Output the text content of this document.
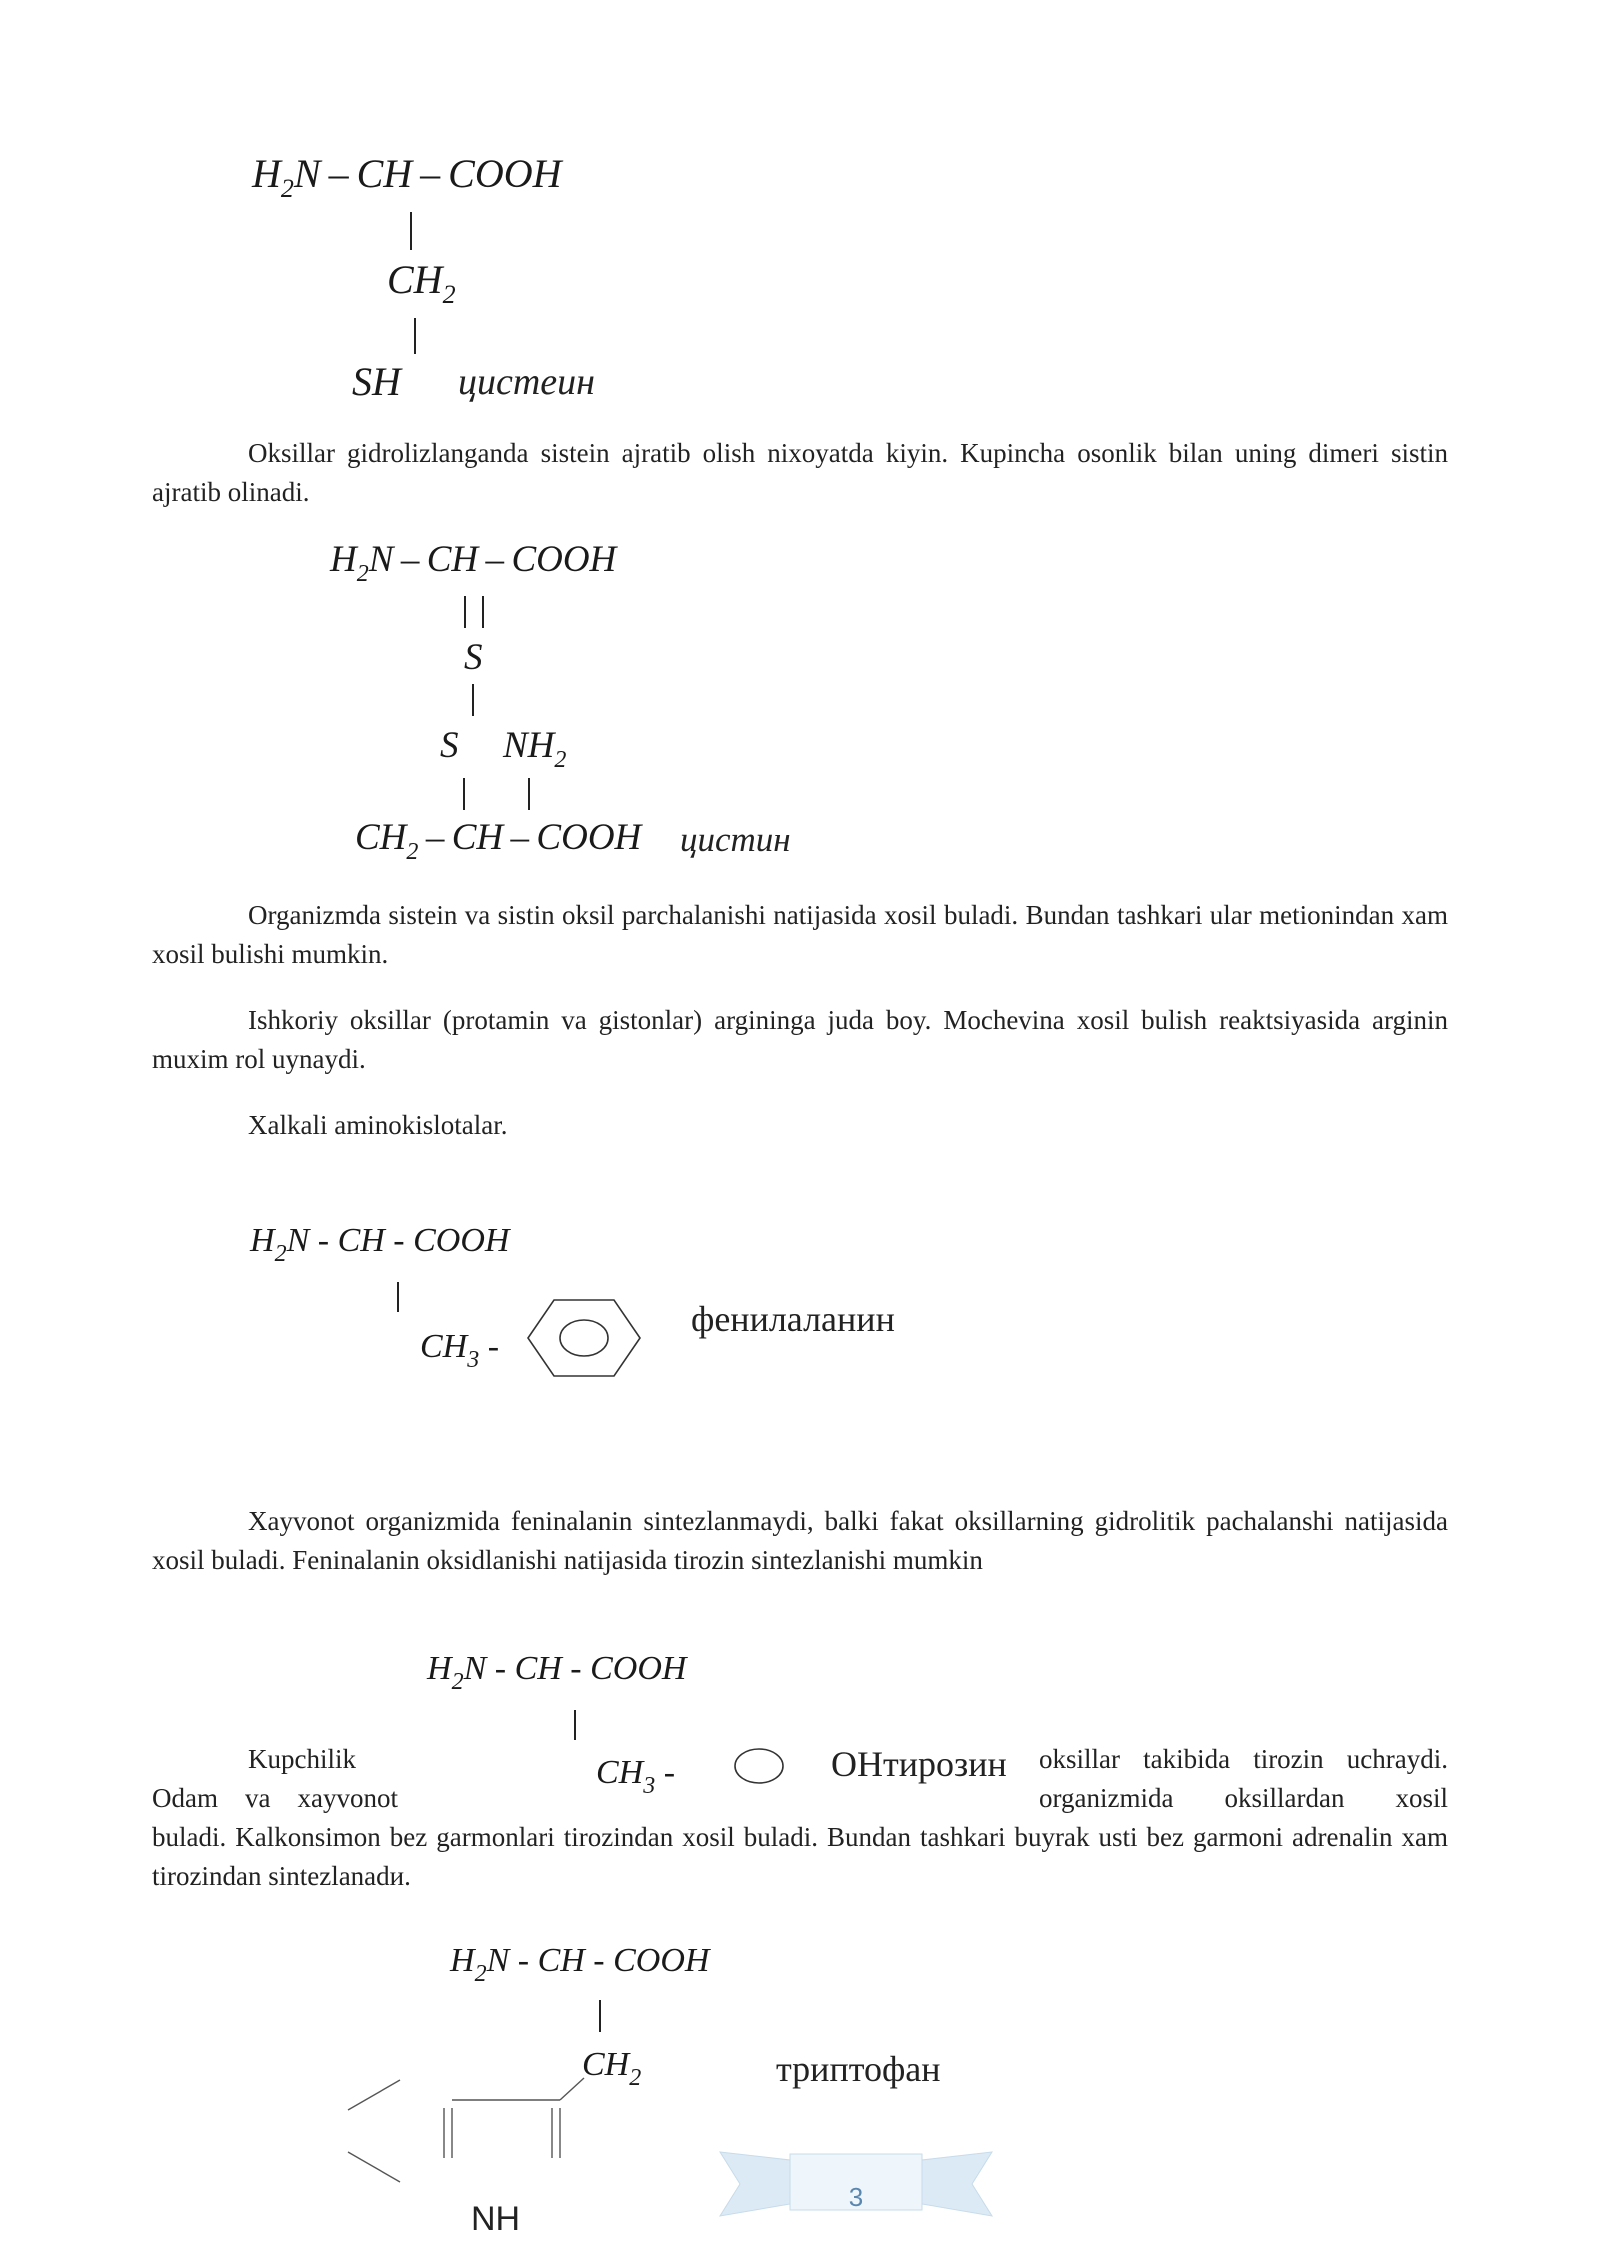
$H_2N$ – CH – COOH
$CH_2$
SH цистеин
Oksillar gidrolizlanganda sistein ajratib olish nixoyatda kiyin. Kupincha osonlik bilan uning dimeri sistin ajratib olinadi.
$H_2N$ – CH – COOH
S
S $NH_2$
$CH_2$ – CH – COOH цистин
Organizmda sistein va sistin oksil parchalanishi natijasida xosil buladi. Bundan tashkari ular metionindan xam xosil bulishi mumkin.
Ishkoriy oksillar (protamin va gistonlar) argininga juda boy. Mochevina xosil bulish reaktsiyasida arginin muxim rol uynaydi.
Xalkali aminokislotalar.
$H_2N$ - CH - COOH
$CH_3$ -
фенилаланин
Xayvonot organizmida feninalanin sintezlanmaydi, balki fakat oksillarning gidrolitik pachalanshi natijasida xosil buladi. Feninalanin oksidlanishi natijasida tirozin sintezlanishi mumkin
$H_2N$ - CH - COOH
$CH_3$ -	OHтирозин
Kupchilik
Odam va xayvonot
oksillar takibida tirozin uchraydi.
organizmida oksillardan xosil
buladi. Kalkonsimon bez garmonlari tirozindan xosil buladi. Bundan tashkari buyrak usti bez garmoni adrenalin xam tirozindan sintezlanadи.
$H_2N$ - CH - COOH
$CH_2$	триптофан
NH
3
